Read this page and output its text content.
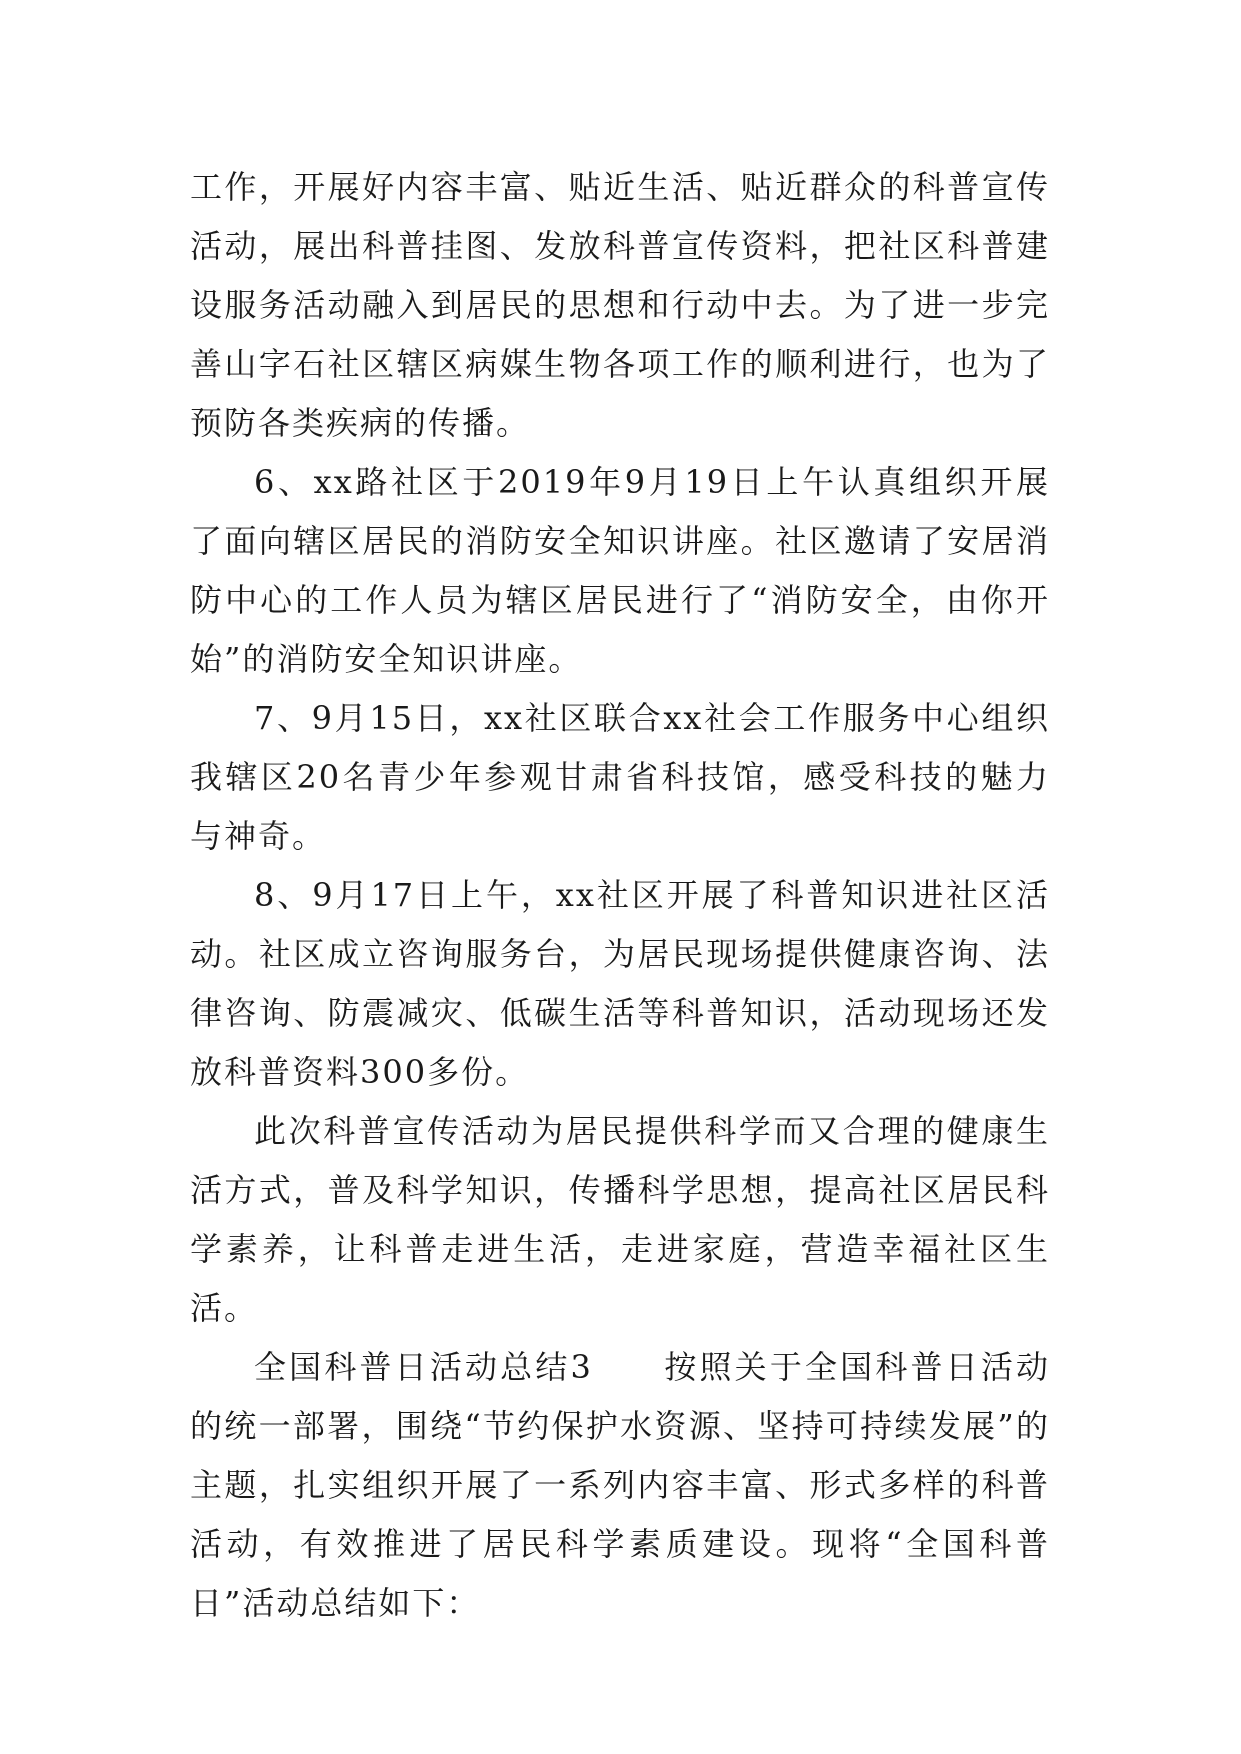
工作，开展好内容丰富、贴近生活、贴近群众的科普宣传活动，展出科普挂图、发放科普宣传资料，把社区科普建设服务活动融入到居民的思想和行动中去。为了进一步完善山字石社区辖区病媒生物各项工作的顺利进行，也为了预防各类疾病的传播。

6、xx路社区于2019年9月19日上午认真组织开展了面向辖区居民的消防安全知识讲座。社区邀请了安居消防中心的工作人员为辖区居民进行了“消防安全，由你开始”的消防安全知识讲座。

7、9月15日，xx社区联合xx社会工作服务中心组织我辖区20名青少年参观甘肃省科技馆，感受科技的魅力与神奇。

8、9月17日上午，xx社区开展了科普知识进社区活动。社区成立咨询服务台，为居民现场提供健康咨询、法律咨询、防震减灾、低碳生活等科普知识，活动现场还发放科普资料300多份。

此次科普宣传活动为居民提供科学而又合理的健康生活方式，普及科学知识，传播科学思想，提高社区居民科学素养，让科普走进生活，走进家庭，营造幸福社区生活。

全国科普日活动总结3　　按照关于全国科普日活动的统一部署，围绕“节约保护水资源、坚持可持续发展”的主题，扎实组织开展了一系列内容丰富、形式多样的科普活动，有效推进了居民科学素质建设。现将“全国科普日”活动总结如下：
